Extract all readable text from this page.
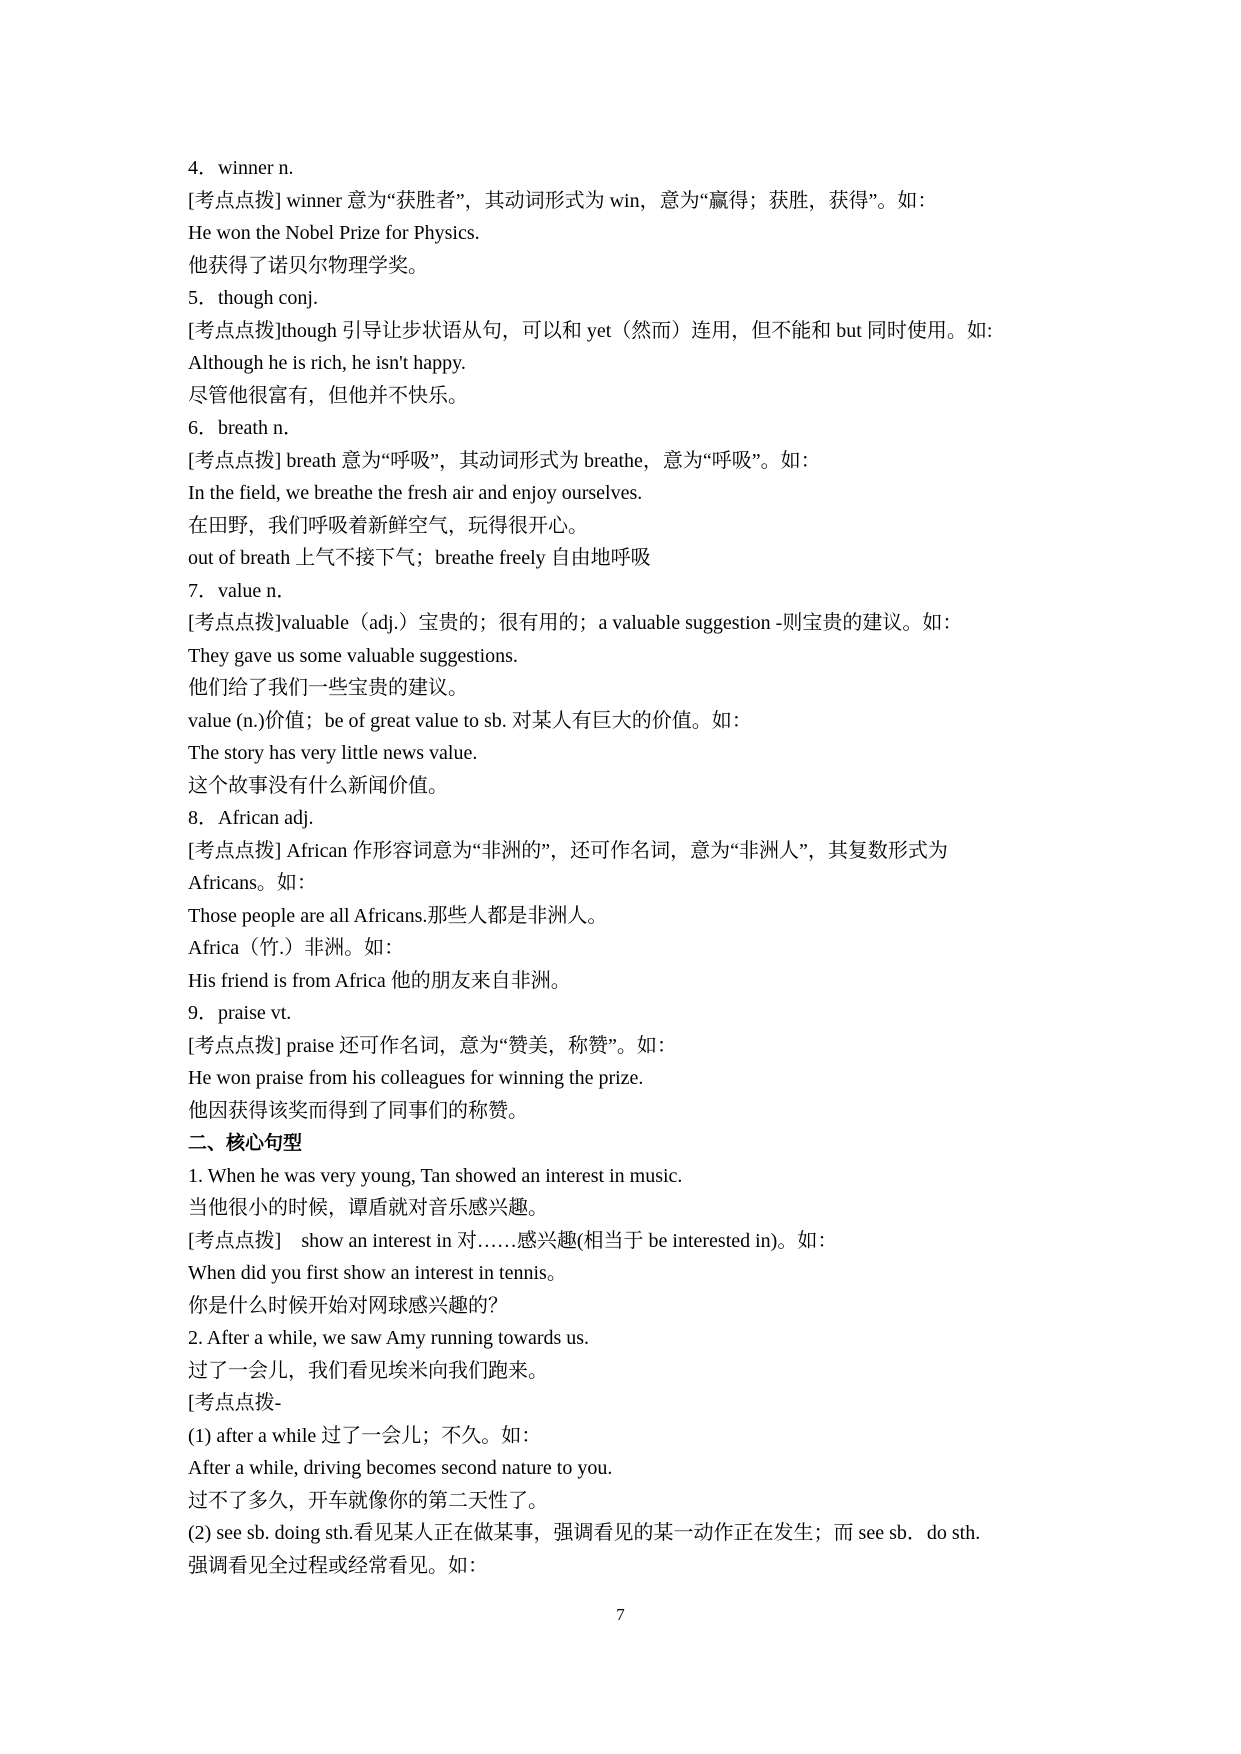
4．winner n.
[考点点拨] winner 意为“获胜者”，其动词形式为 win，意为“赢得；获胜，获得”。如：
He won the Nobel Prize for Physics.
他获得了诺贝尔物理学奖。
5．though conj.
[考点点拨]though 引导让步状语从句，可以和 yet（然而）连用，但不能和 but 同时使用。如:
Although he is rich, he isn't happy.
尽管他很富有，但他并不快乐。
6．breath n．
[考点点拨] breath 意为“呼吸”，其动词形式为 breathe，意为“呼吸”。如：
In the field, we breathe the fresh air and enjoy ourselves.
在田野，我们呼吸着新鲜空气，玩得很开心。
out of breath 上气不接下气；breathe freely 自由地呼吸
7．value n．
[考点点拨]valuable（adj.）宝贵的；很有用的；a valuable suggestion -则宝贵的建议。如：
They gave us some valuable suggestions.
他们给了我们一些宝贵的建议。
value (n.)价值；be of great value to sb. 对某人有巨大的价值。如：
The story has very little news value.
这个故事没有什么新闻价值。
8．African adj.
[考点点拨] African 作形容词意为“非洲的”，还可作名词，意为“非洲人”，其复数形式为
Africans。如：
Those people are all Africans.那些人都是非洲人。
Africa（竹.）非洲。如：
His friend is from Africa 他的朋友来自非洲。
9．praise vt.
[考点点拨] praise 还可作名词，意为“赞美，称赞”。如：
He won praise from his colleagues for winning the prize.
他因获得该奖而得到了同事们的称赞。
二、核心句型
1. When he was very young, Tan showed an interest in music.
当他很小的时候，谭盾就对音乐感兴趣。
[考点点拨]　show an interest in 对……感兴趣(相当于 be interested in)。如：
When did you first show an interest in tennis。
你是什么时候开始对网球感兴趣的？
2. After a while, we saw Amy running towards us.
过了一会儿，我们看见埃米向我们跑来。
[考点点拨-
(1) after a while 过了一会儿；不久。如：
After a while, driving becomes second nature to you.
过不了多久，开车就像你的第二天性了。
(2) see sb. doing sth.看见某人正在做某事，强调看见的某一动作正在发生；而 see sb．do sth.
强调看见全过程或经常看见。如：
7
